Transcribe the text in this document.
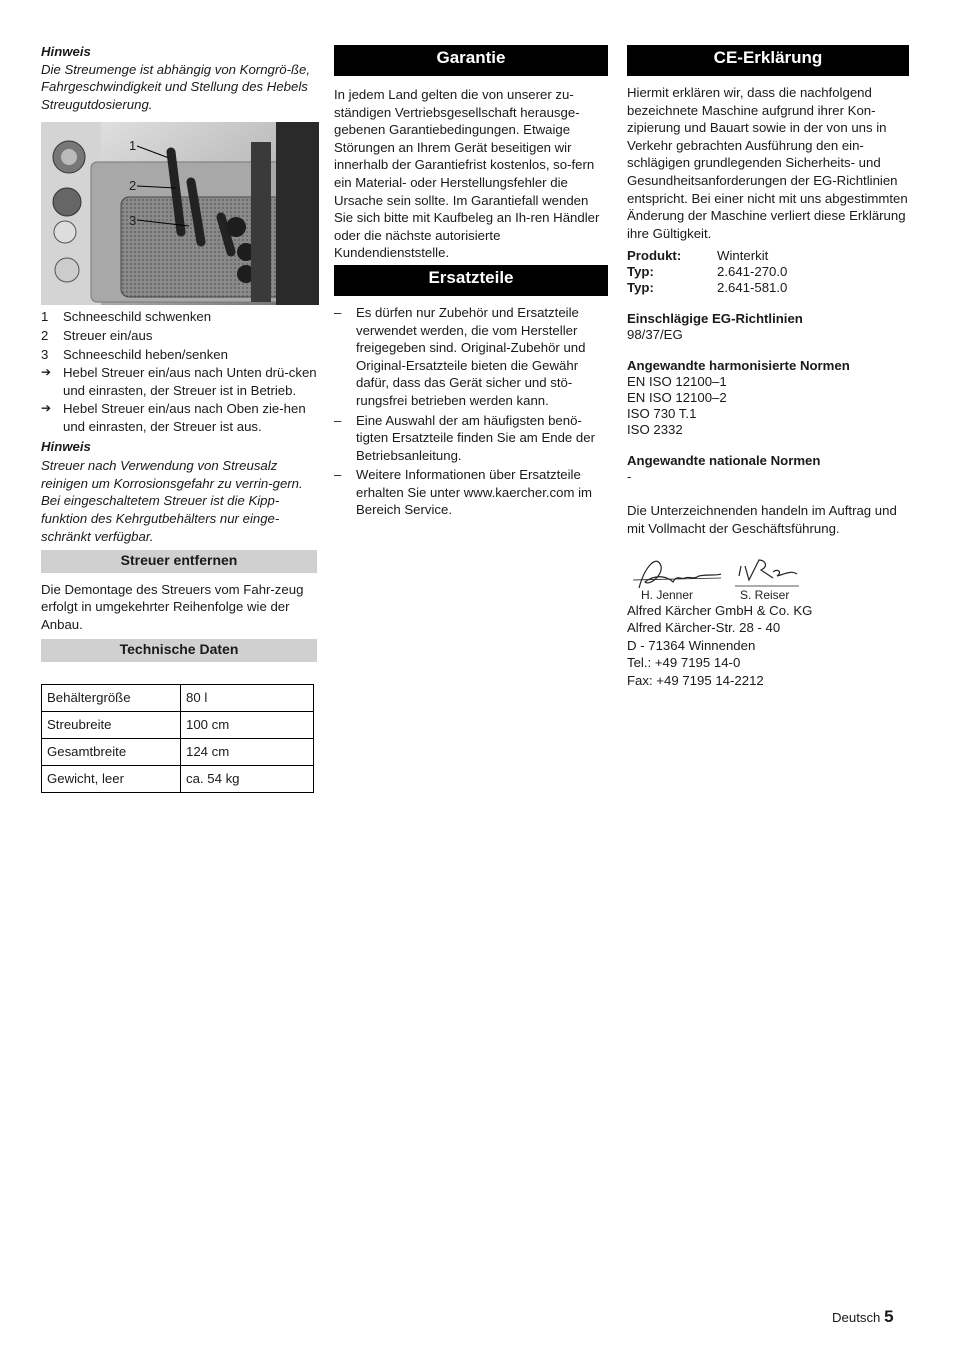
Hinweis

Die Streumenge ist abhängig von Korngrö-ße, Fahrgeschwindigkeit und Stellung des Hebels Streugutdosierung.

1
2
3
1 Schneeschild schwenken
2 Streuer ein/aus
3 Schneeschild heben/senken
➔ Hebel Streuer ein/aus nach Unten drü-cken und einrasten, der Streuer ist in Betrieb.
➔ Hebel Streuer ein/aus nach Oben zie-hen und einrasten, der Streuer ist aus.

Hinweis

Streuer nach Verwendung von Streusalz reinigen um Korrosionsgefahr zu verrin-gern.

Bei eingeschaltetem Streuer ist die Kipp-funktion des Kehrgutbehälters nur einge-schränkt verfügbar.

Streuer entfernen

Die Demontage des Streuers vom Fahr-zeug erfolgt in umgekehrter Reihenfolge wie der Anbau.

Technische Daten
Behältergröße	80 l
Streubreite	100 cm
Gesamtbreite	124 cm
Gewicht, leer	ca. 54 kg
Garantie

In jedem Land gelten die von unserer zu-ständigen Vertriebsgesellschaft herausge-gebenen Garantiebedingungen. Etwaige Störungen an Ihrem Gerät beseitigen wir innerhalb der Garantiefrist kostenlos, so-fern ein Material- oder Herstellungsfehler die Ursache sein sollte. Im Garantiefall wenden Sie sich bitte mit Kaufbeleg an Ih-ren Händler oder die nächste autorisierte Kundendienststelle.

Ersatzteile
– Es dürfen nur Zubehör und Ersatzteile verwendet werden, die vom Hersteller freigegeben sind. Original-Zubehör und Original-Ersatzteile bieten die Gewähr dafür, dass das Gerät sicher und stö-rungsfrei betrieben werden kann.
– Eine Auswahl der am häufigsten benö-tigten Ersatzteile finden Sie am Ende der Betriebsanleitung.
– Weitere Informationen über Ersatzteile erhalten Sie unter www.kaercher.com im Bereich Service.
CE-Erklärung

Hiermit erklären wir, dass die nachfolgend bezeichnete Maschine aufgrund ihrer Kon-zipierung und Bauart sowie in der von uns in Verkehr gebrachten Ausführung den ein-schlägigen grundlegenden Sicherheits- und Gesundheitsanforderungen der EG-Richtlinien entspricht. Bei einer nicht mit uns abgestimmten Änderung der Maschine verliert diese Erklärung ihre Gültigkeit.

Produkt:	Winterkit
Typ:	2.641-270.0
Typ:	2.641-581.0
Einschlägige EG-Richtlinien
98/37/EG
Angewandte harmonisierte Normen
EN ISO 12100–1
EN ISO 12100–2
ISO 730 T.1
ISO 2332
Angewandte nationale Normen
-

Die Unterzeichnenden handeln im Auftrag und mit Vollmacht der Geschäftsführung.

H. Jenner	S. Reiser
Alfred Kärcher GmbH & Co. KG
Alfred Kärcher-Str. 28 - 40
D - 71364 Winnenden
Tel.: +49 7195 14-0
Fax: +49 7195 14-2212
Deutsch 5
